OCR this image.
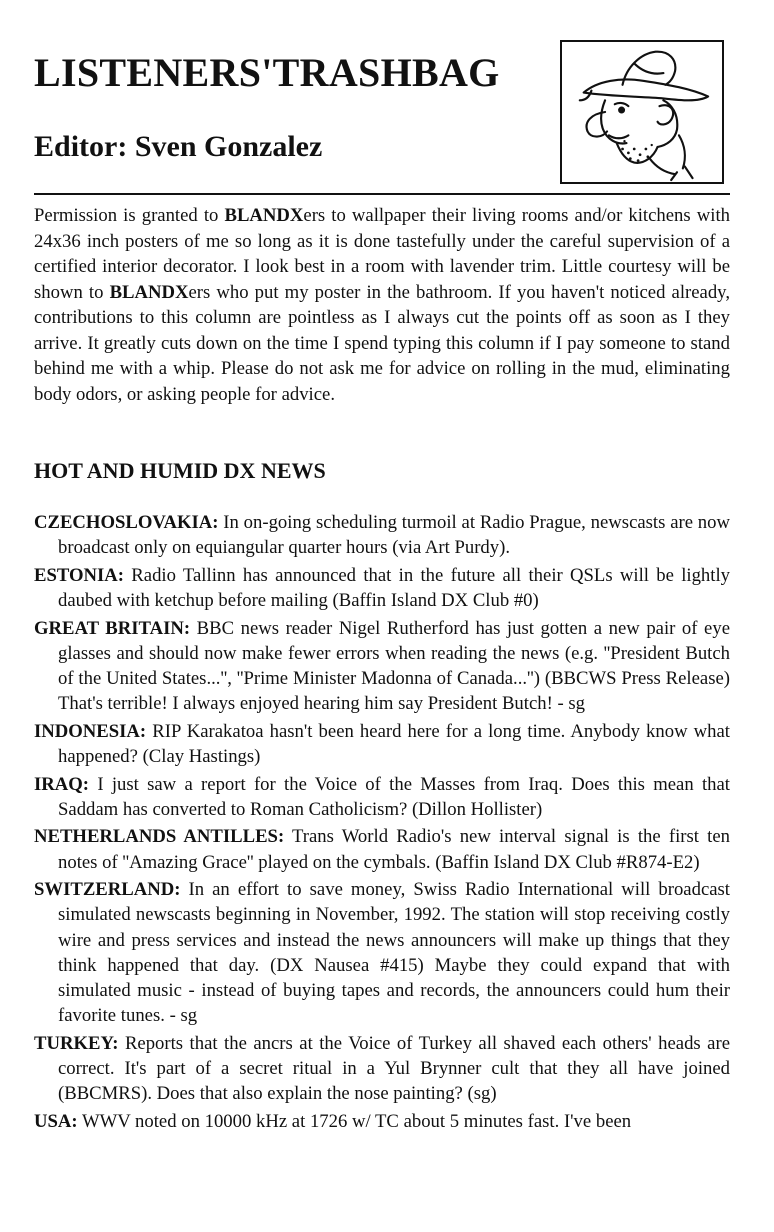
LISTENERS'TRASHBAG
Editor: Sven Gonzalez

Permission is granted to BLANDXers to wallpaper their living rooms and/or kitchens with 24x36 inch posters of me so long as it is done tastefully under the careful supervision of a certified interior decorator. I look best in a room with lavender trim. Little courtesy will be shown to BLANDXers who put my poster in the bathroom. If you haven't noticed already, contributions to this column are pointless as I always cut the points off as soon as I they arrive. It greatly cuts down on the time I spend typing this column if I pay someone to stand behind me with a whip. Please do not ask me for advice on rolling in the mud, eliminating body odors, or asking people for advice.

HOT AND HUMID DX NEWS
CZECHOSLOVAKIA: In on-going scheduling turmoil at Radio Prague, newscasts are now broadcast only on equiangular quarter hours (via Art Purdy).
ESTONIA: Radio Tallinn has announced that in the future all their QSLs will be lightly daubed with ketchup before mailing (Baffin Island DX Club #0)
GREAT BRITAIN: BBC news reader Nigel Rutherford has just gotten a new pair of eye glasses and should now make fewer errors when reading the news (e.g. ''President Butch of the United States...'', ''Prime Minister Madonna of Canada...'') (BBCWS Press Release) That's terrible! I always enjoyed hearing him say President Butch! - sg
INDONESIA: RIP Karakatoa hasn't been heard here for a long time. Anybody know what happened? (Clay Hastings)
IRAQ: I just saw a report for the Voice of the Masses from Iraq. Does this mean that Saddam has converted to Roman Catholicism? (Dillon Hollister)
NETHERLANDS ANTILLES: Trans World Radio's new interval signal is the first ten notes of ''Amazing Grace'' played on the cymbals. (Baffin Island DX Club #R874-E2)
SWITZERLAND: In an effort to save money, Swiss Radio International will broadcast simulated newscasts beginning in November, 1992. The station will stop receiving costly wire and press services and instead the news announcers will make up things that they think happened that day. (DX Nausea #415) Maybe they could expand that with simulated music - instead of buying tapes and records, the announcers could hum their favorite tunes. - sg
TURKEY: Reports that the ancrs at the Voice of Turkey all shaved each others' heads are correct. It's part of a secret ritual in a Yul Brynner cult that they all have joined (BBCMRS). Does that also explain the nose painting? (sg)
USA: WWV noted on 10000 kHz at 1726 w/ TC about 5 minutes fast. I've been
